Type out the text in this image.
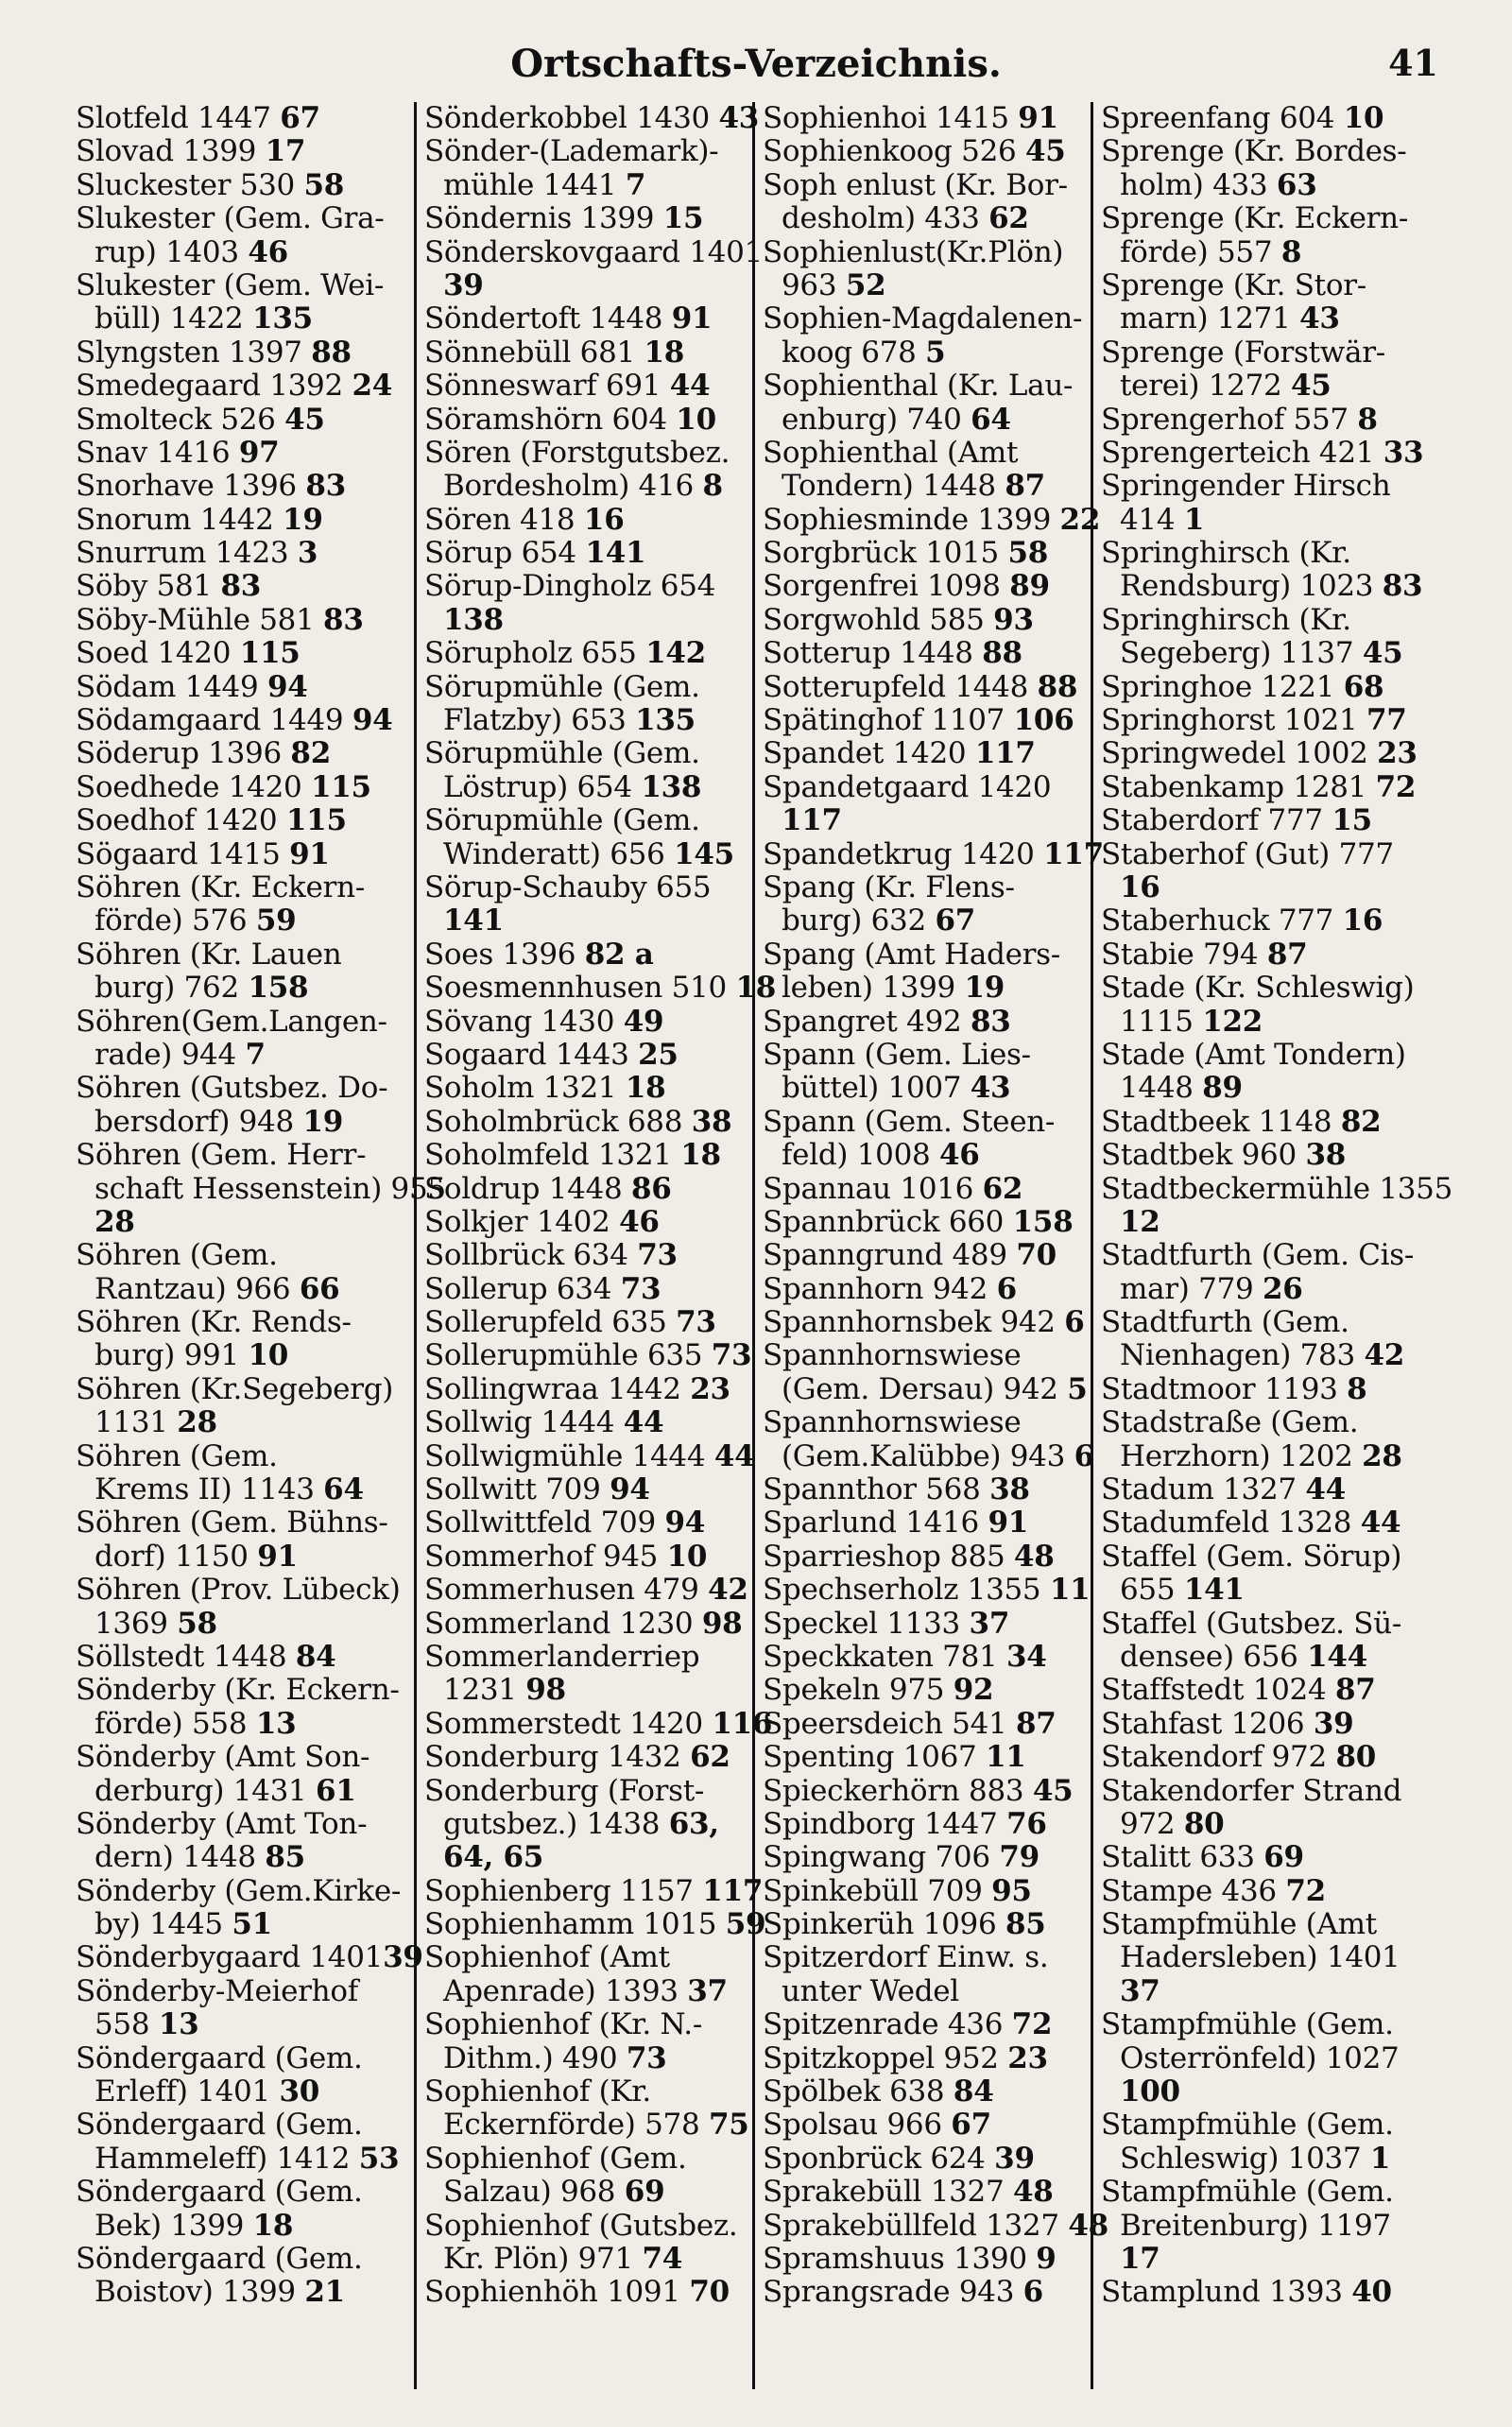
Ortschafts-Verzeichnis.	41
Slotfeld 1447 67
Slovad 1399 17
Sluckester 530 58
Slukester (Gem. Gra-
rup) 1403 46
Slukester (Gem. Wei-
büll) 1422 135
Slyngsten 1397 88
Smedegaard 1392 24
Smolteck 526 45
Snav 1416 97
Snorhave 1396 83
Snorum 1442 19
Snurrum 1423 3
Söby 581 83
Söby-Mühle 581 83
Soed 1420 115
Södam 1449 94
Södamgaard 1449 94
Söderup 1396 82
Soedhede 1420 115
Soedhof 1420 115
Sögaard 1415 91
Söhren (Kr. Eckern-
förde) 576 59
Söhren (Kr. Lauen
burg) 762 158
Söhren(Gem.Langen-
rade) 944 7
Söhren (Gutsbez. Do-
bersdorf) 948 19
Söhren (Gem. Herr-
schaft Hessenstein) 955
28
Söhren (Gem.
Rantzau) 966 66
Söhren (Kr. Rends-
burg) 991 10
Söhren (Kr.Segeberg)
1131 28
Söhren (Gem.
Krems II) 1143 64
Söhren (Gem. Bühns-
dorf) 1150 91
Söhren (Prov. Lübeck)
1369 58
Söllstedt 1448 84
Sönderby (Kr. Eckern-
förde) 558 13
Sönderby (Amt Son-
derburg) 1431 61
Sönderby (Amt Ton-
dern) 1448 85
Sönderby (Gem.Kirke-
by) 1445 51
Sönderbygaard 140139
Sönderby-Meierhof
558 13
Söndergaard (Gem.
Erleff) 1401 30
Söndergaard (Gem.
Hammeleff) 1412 53
Söndergaard (Gem.
Bek) 1399 18
Söndergaard (Gem.
Boistov) 1399 21
Sönderkobbel 1430 43
Sönder-(Lademark)-
mühle 1441 7
Söndernis 1399 15
Sönderskovgaard 1401
39
Söndertoft 1448 91
Sönnebüll 681 18
Sönneswarf 691 44
Söramshörn 604 10
Sören (Forstgutsbez.
Bordesholm) 416 8
Sören 418 16
Sörup 654 141
Sörup-Dingholz 654
138
Sörupholz 655 142
Sörupmühle (Gem.
Flatzby) 653 135
Sörupmühle (Gem.
Löstrup) 654 138
Sörupmühle (Gem.
Winderatt) 656 145
Sörup-Schauby 655
141
Soes 1396 82 a
Soesmennhusen 510 18
Sövang 1430 49
Sogaard 1443 25
Soholm 1321 18
Soholmbrück 688 38
Soholmfeld 1321 18
Soldrup 1448 86
Solkjer 1402 46
Sollbrück 634 73
Sollerup 634 73
Sollerupfeld 635 73
Sollerupmühle 635 73
Sollingwraa 1442 23
Sollwig 1444 44
Sollwigmühle 1444 44
Sollwitt 709 94
Sollwittfeld 709 94
Sommerhof 945 10
Sommerhusen 479 42
Sommerland 1230 98
Sommerlanderriep
1231 98
Sommerstedt 1420 116
Sonderburg 1432 62
Sonderburg (Forst-
gutsbez.) 1438 63,
64, 65
Sophienberg 1157 117
Sophienhamm 1015 59
Sophienhof (Amt
Apenrade) 1393 37
Sophienhof (Kr. N.-
Dithm.) 490 73
Sophienhof (Kr.
Eckernförde) 578 75
Sophienhof (Gem.
Salzau) 968 69
Sophienhof (Gutsbez.
Kr. Plön) 971 74
Sophienhöh 1091 70
Sophienhoi 1415 91
Sophienkoog 526 45
Soph enlust (Kr. Bor-
desholm) 433 62
Sophienlust(Kr.Plön)
963 52
Sophien-Magdalenen-
koog 678 5
Sophienthal (Kr. Lau-
enburg) 740 64
Sophienthal (Amt
Tondern) 1448 87
Sophiesminde 1399 22
Sorgbrück 1015 58
Sorgenfrei 1098 89
Sorgwohld 585 93
Sotterup 1448 88
Sotterupfeld 1448 88
Spätinghof 1107 106
Spandet 1420 117
Spandetgaard 1420
117
Spandetkrug 1420 117
Spang (Kr. Flens-
burg) 632 67
Spang (Amt Haders-
leben) 1399 19
Spangret 492 83
Spann (Gem. Lies-
büttel) 1007 43
Spann (Gem. Steen-
feld) 1008 46
Spannau 1016 62
Spannbrück 660 158
Spanngrund 489 70
Spannhorn 942 6
Spannhornsbek 942 6
Spannhornswiese
(Gem. Dersau) 942 5
Spannhornswiese
(Gem.Kalübbe) 943 6
Spannthor 568 38
Sparlund 1416 91
Sparrieshop 885 48
Spechserholz 1355 11
Speckel 1133 37
Speckkaten 781 34
Spekeln 975 92
Speersdeich 541 87
Spenting 1067 11
Spieckerhörn 883 45
Spindborg 1447 76
Spingwang 706 79
Spinkebüll 709 95
Spinkerüh 1096 85
Spitzerdorf Einw. s.
unter Wedel
Spitzenrade 436 72
Spitzkoppel 952 23
Spölbek 638 84
Spolsau 966 67
Sponbrück 624 39
Sprakebüll 1327 48
Sprakebüllfeld 1327 48
Spramshuus 1390 9
Sprangsrade 943 6
Spreenfang 604 10
Sprenge (Kr. Bordes-
holm) 433 63
Sprenge (Kr. Eckern-
förde) 557 8
Sprenge (Kr. Stor-
marn) 1271 43
Sprenge (Forstwär-
terei) 1272 45
Sprengerhof 557 8
Sprengerteich 421 33
Springender Hirsch
414 1
Springhirsch (Kr.
Rendsburg) 1023 83
Springhirsch (Kr.
Segeberg) 1137 45
Springhoe 1221 68
Springhorst 1021 77
Springwedel 1002 23
Stabenkamp 1281 72
Staberdorf 777 15
Staberhof (Gut) 777
16
Staberhuck 777 16
Stabie 794 87
Stade (Kr. Schleswig)
1115 122
Stade (Amt Tondern)
1448 89
Stadtbeek 1148 82
Stadtbek 960 38
Stadtbeckermühle 1355
12
Stadtfurth (Gem. Cis-
mar) 779 26
Stadtfurth (Gem.
Nienhagen) 783 42
Stadtmoor 1193 8
Stadstraße (Gem.
Herzhorn) 1202 28
Stadum 1327 44
Stadumfeld 1328 44
Staffel (Gem. Sörup)
655 141
Staffel (Gutsbez. Sü-
densee) 656 144
Staffstedt 1024 87
Stahfast 1206 39
Stakendorf 972 80
Stakendorfer Strand
972 80
Stalitt 633 69
Stampe 436 72
Stampfmühle (Amt
Hadersleben) 1401
37
Stampfmühle (Gem.
Osterrönfeld) 1027
100
Stampfmühle (Gem.
Schleswig) 1037 1
Stampfmühle (Gem.
Breitenburg) 1197
17
Stamplund 1393 40
